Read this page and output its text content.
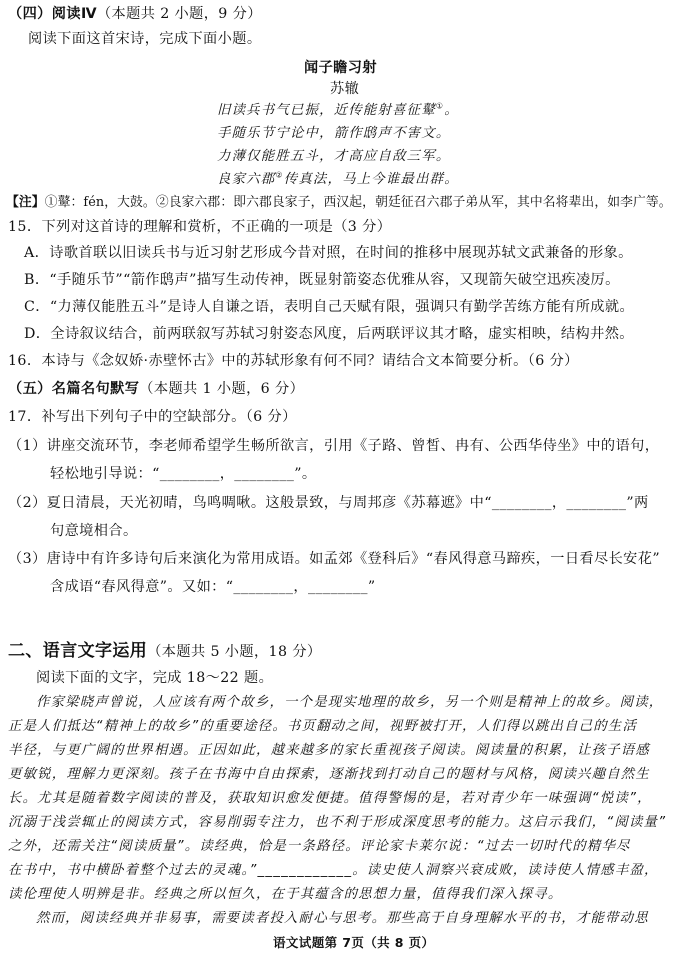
（四）阅读Ⅳ（本题共 2 小题，9 分）
阅读下面这首宋诗，完成下面小题。
闻子瞻习射
苏辙
旧读兵书气已振，近传能射喜征鼙①。
手随乐节宁论中，箭作鸱声不害文。
力薄仅能胜五斗，才高应自敌三军。
良家六郡②传真法，马上今谁最出群。
【注】①鼙：fén，大鼓。②良家六郡：即六郡良家子，西汉起，朝廷征召六郡子弟从军，其中名将辈出，如李广等。
15．下列对这首诗的理解和赏析，不正确的一项是（3 分）
A．诗歌首联以旧读兵书与近习射艺形成今昔对照，在时间的推移中展现苏轼文武兼备的形象。
B．“手随乐节”“箭作鸱声”描写生动传神，既显射箭姿态优雅从容，又现箭矢破空迅疾凌厉。
C．“力薄仅能胜五斗”是诗人自谦之语，表明自己天赋有限，强调只有勤学苦练方能有所成就。
D．全诗叙议结合，前两联叙写苏轼习射姿态风度，后两联评议其才略，虚实相映，结构井然。
16．本诗与《念奴娇·赤壁怀古》中的苏轼形象有何不同？请结合文本简要分析。（6 分）
（五）名篇名句默写（本题共 1 小题，6 分）
17．补写出下列句子中的空缺部分。（6 分）
（1）讲座交流环节，李老师希望学生畅所欲言，引用《子路、曾皙、冉有、公西华侍坐》中的语句，
轻松地引导说：“________，________”。
（2）夏日清晨，天光初晴，鸟鸣啁啾。这般景致，与周邦彦《苏幕遮》中“________，________”两
句意境相合。
（3）唐诗中有许多诗句后来演化为常用成语。如孟郊《登科后》“春风得意马蹄疾，一日看尽长安花”
含成语“春风得意”。又如：“________，________”
二、语言文字运用（本题共 5 小题，18 分）
阅读下面的文字，完成 18～22 题。
作家梁晓声曾说，人应该有两个故乡，一个是现实地理的故乡，另一个则是精神上的故乡。阅读，
正是人们抵达“精神上的故乡”的重要途径。书页翻动之间，视野被打开，人们得以跳出自己的生活
半径，与更广阔的世界相遇。正因如此，越来越多的家长重视孩子阅读。阅读量的积累，让孩子语感
更敏锐，理解力更深刻。孩子在书海中自由探索，逐渐找到打动自己的题材与风格，阅读兴趣自然生
长。尤其是随着数字阅读的普及，获取知识愈发便捷。值得警惕的是，若对青少年一味强调“悦读”，
沉溺于浅尝辄止的阅读方式，容易削弱专注力，也不利于形成深度思考的能力。这启示我们，“阅读量”
之外，还需关注“阅读质量”。读经典，恰是一条路径。评论家卡莱尔说：“过去一切时代的精华尽
在书中，书中横卧着整个过去的灵魂。”____________。读史使人洞察兴衰成败，读诗使人情感丰盈，
读伦理使人明辨是非。经典之所以恒久，在于其蕴含的思想力量，值得我们深入探寻。
然而，阅读经典并非易事，需要读者投入耐心与思考。那些高于自身理解水平的书，才能带动思
语文试题第 7页（共 8 页）
